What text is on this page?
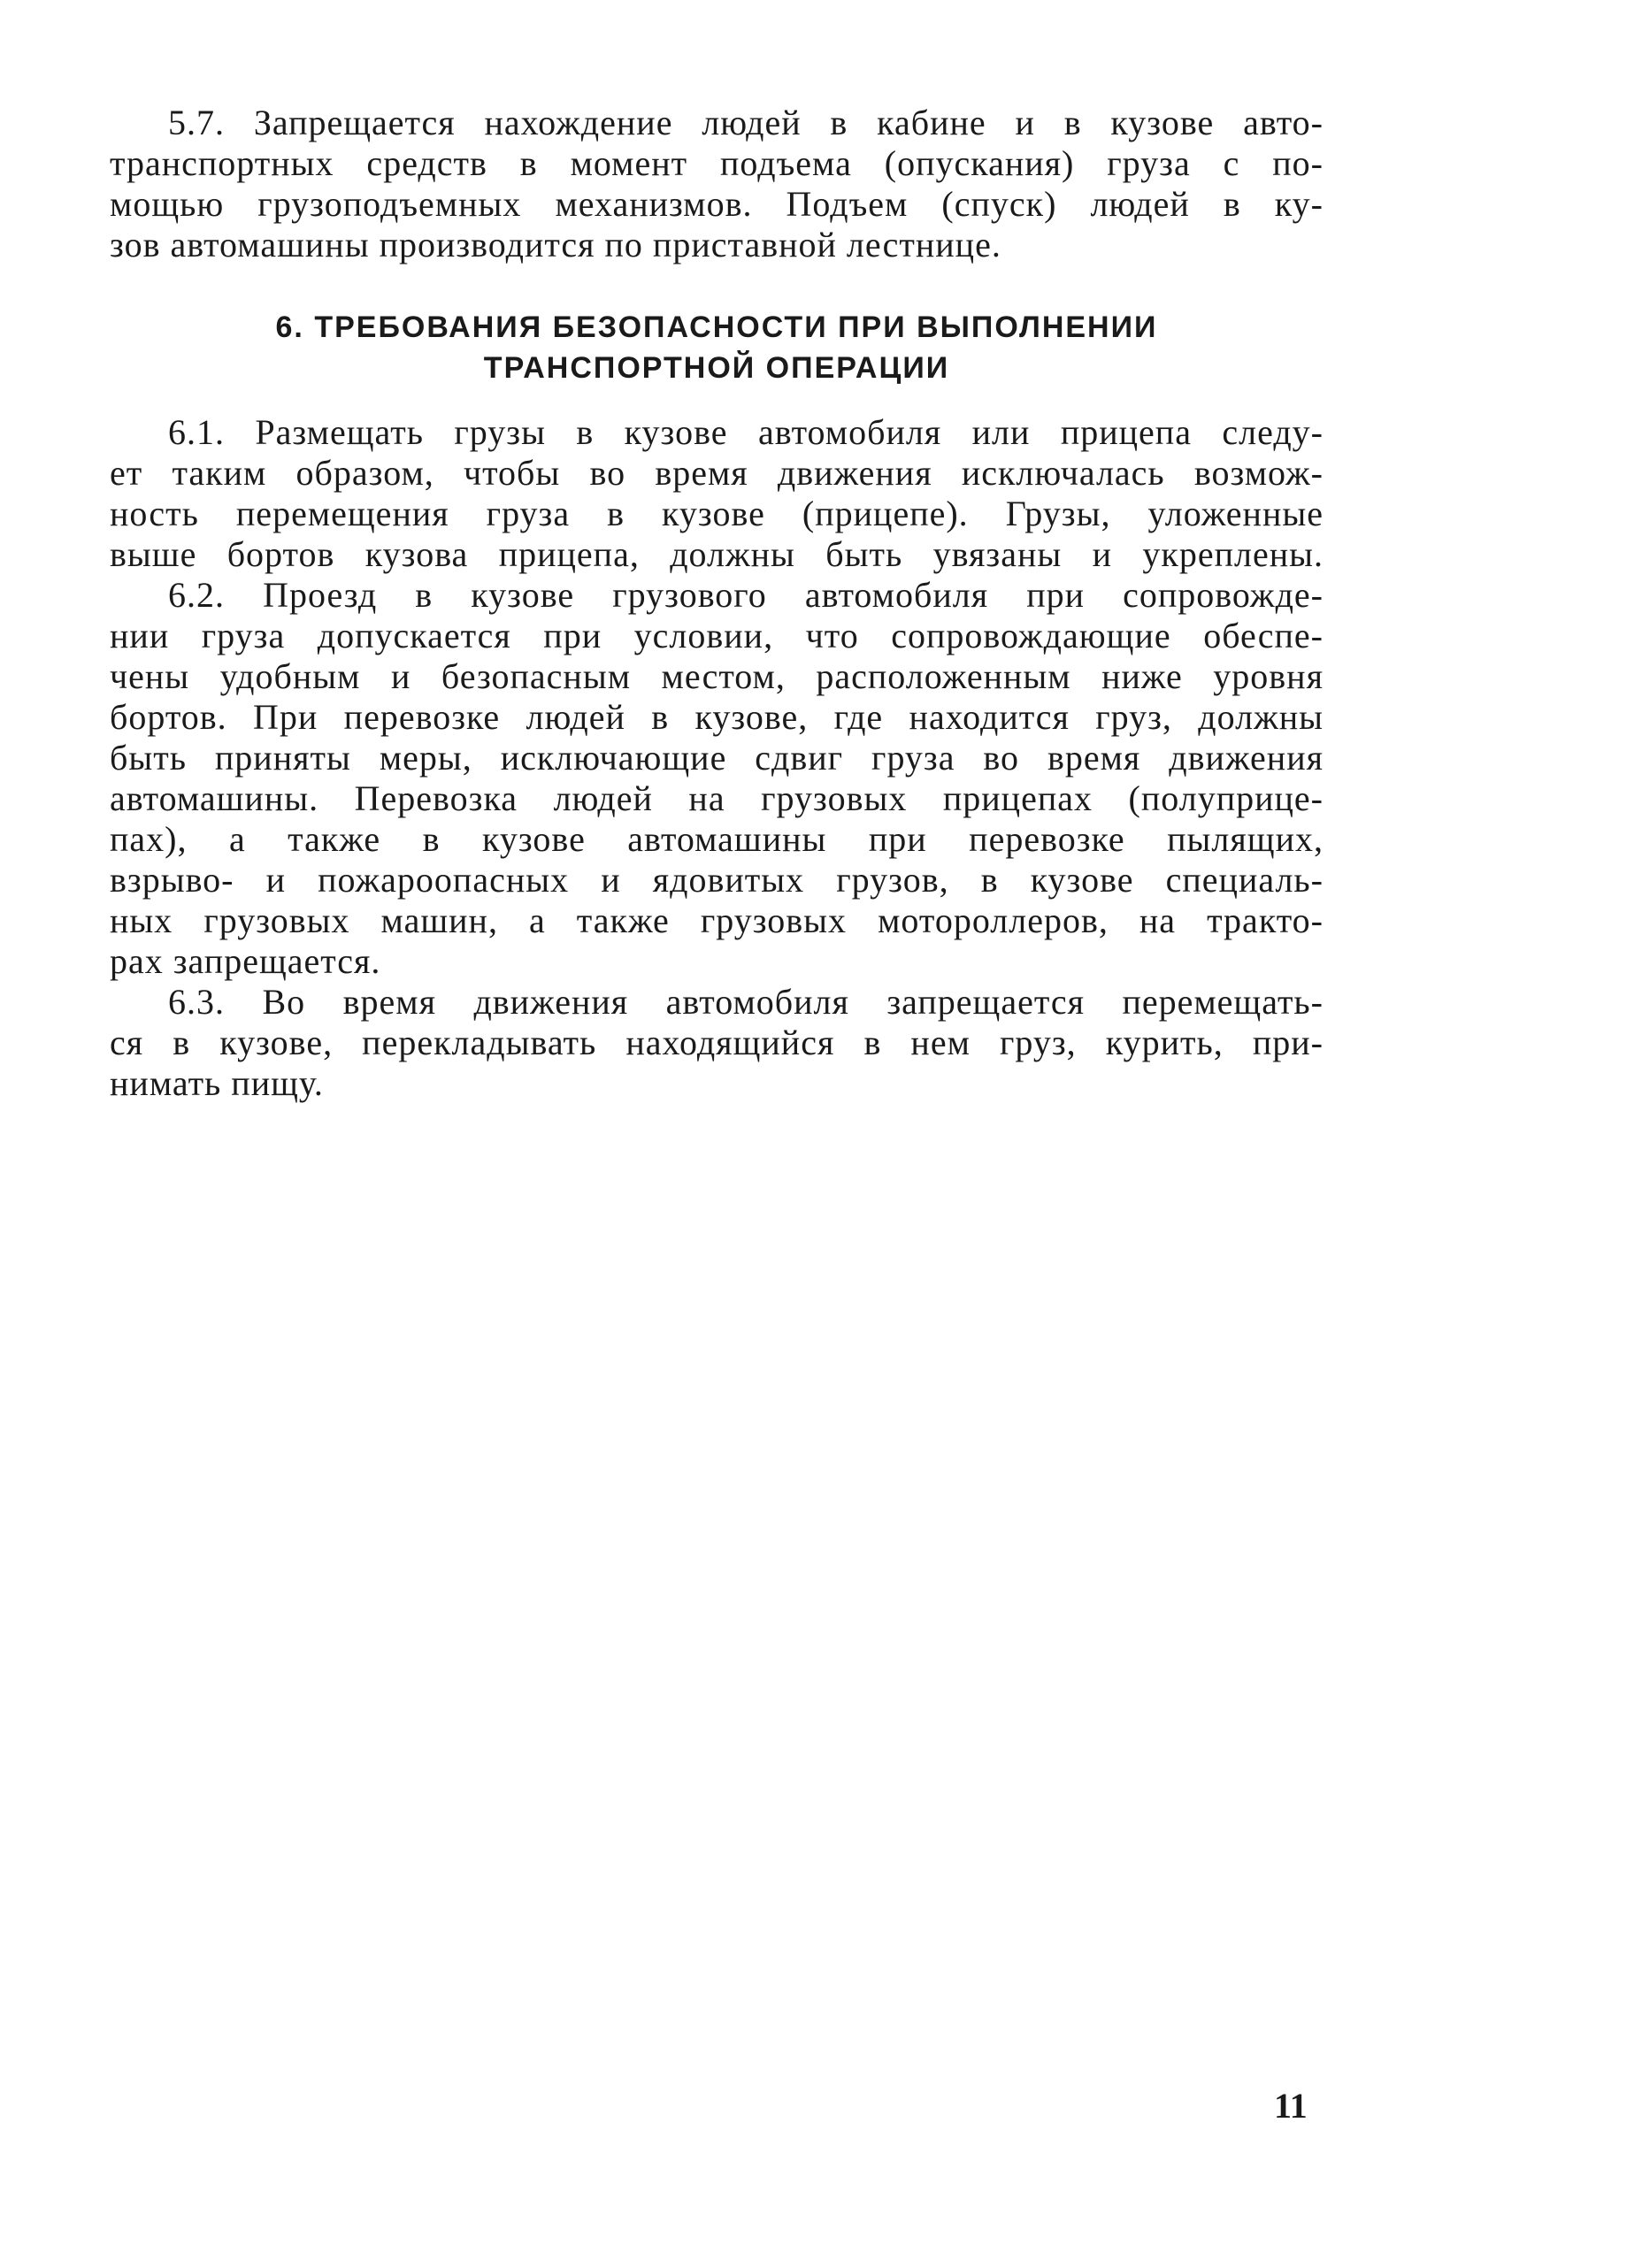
5.7. Запрещается нахождение людей в кабине и в кузове авто-
транспортных средств в момент подъема (опускания) груза с по-
мощью грузоподъемных механизмов. Подъем (спуск) людей в ку-
зов автомашины производится по приставной лестнице.
6. ТРЕБОВАНИЯ БЕЗОПАСНОСТИ ПРИ ВЫПОЛНЕНИИ
ТРАНСПОРТНОЙ ОПЕРАЦИИ
6.1. Размещать грузы в кузове автомобиля или прицепа следу-
ет таким образом, чтобы во время движения исключалась возмож-
ность перемещения груза в кузове (прицепе). Грузы, уложенные
выше бортов кузова прицепа, должны быть увязаны и укреплены.
6.2. Проезд в кузове грузового автомобиля при сопровожде-
нии груза допускается при условии, что сопровождающие обеспе-
чены удобным и безопасным местом, расположенным ниже уровня
бортов. При перевозке людей в кузове, где находится груз, должны
быть приняты меры, исключающие сдвиг груза во время движения
автомашины. Перевозка людей на грузовых прицепах (полуприце-
пах), а также в кузове автомашины при перевозке пылящих,
взрыво- и пожароопасных и ядовитых грузов, в кузове специаль-
ных грузовых машин, а также грузовых мотороллеров, на тракто-
рах запрещается.
6.3. Во время движения автомобиля запрещается перемещать-
ся в кузове, перекладывать находящийся в нем груз, курить, при-
нимать пищу.
11
